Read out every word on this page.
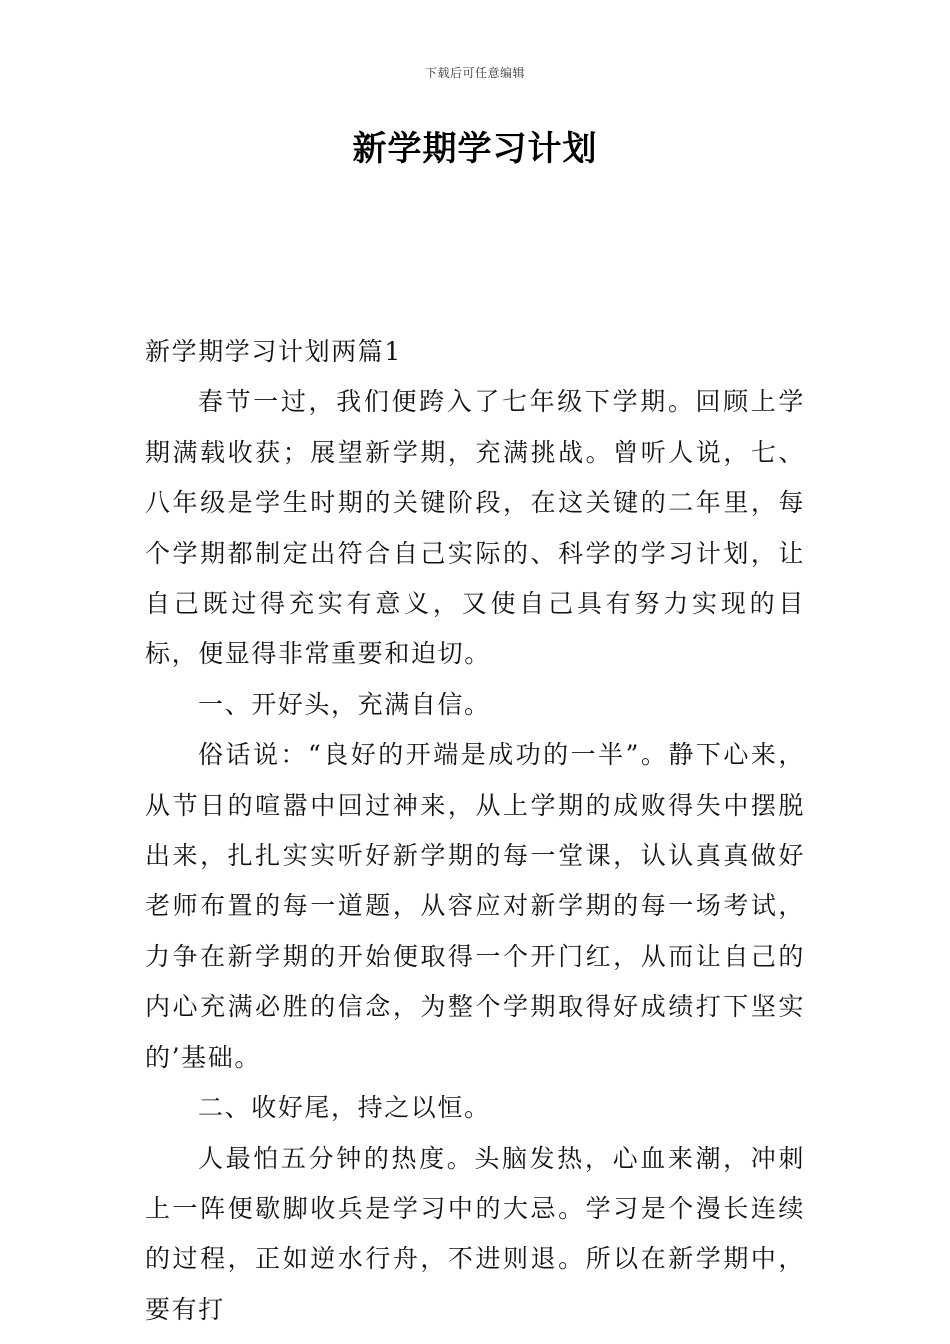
下载后可任意编辑
新学期学习计划

新学期学习计划两篇1

春节一过，我们便跨入了七年级下学期。回顾上学期满载收获；展望新学期，充满挑战。曾听人说，七、八年级是学生时期的关键阶段，在这关键的二年里，每个学期都制定出符合自己实际的、科学的学习计划，让自己既过得充实有意义，又使自己具有努力实现的目标，便显得非常重要和迫切。

一、开好头，充满自信。

俗话说：“良好的开端是成功的一半”。静下心来，从节日的喧嚣中回过神来，从上学期的成败得失中摆脱出来，扎扎实实听好新学期的每一堂课，认认真真做好老师布置的每一道题，从容应对新学期的每一场考试，力争在新学期的开始便取得一个开门红，从而让自己的内心充满必胜的信念，为整个学期取得好成绩打下坚实的’基础。

二、收好尾，持之以恒。

人最怕五分钟的热度。头脑发热，心血来潮，冲刺上一阵便歇脚收兵是学习中的大忌。学习是个漫长连续的过程，正如逆水行舟，不进则退。所以在新学期中，要有打
